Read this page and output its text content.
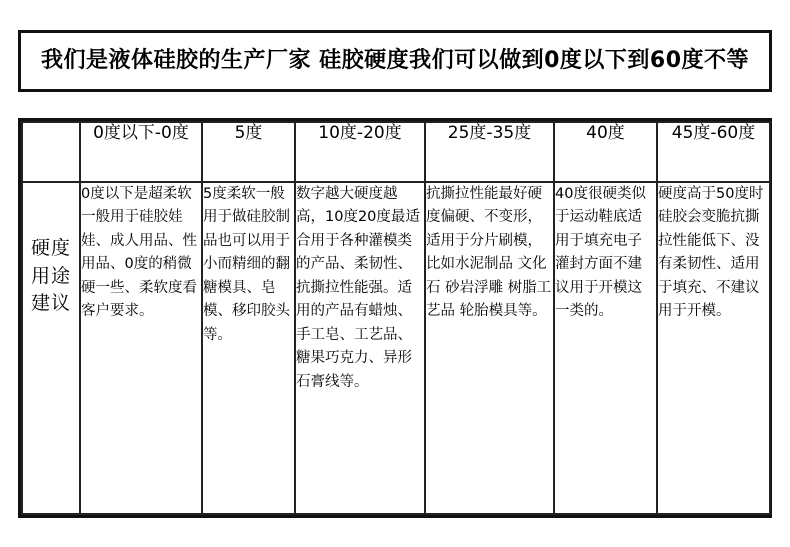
我们是液体硅胶的生产厂家 硅胶硬度我们可以做到0度以下到60度不等
	0度以下-0度	5度	10度-20度	25度-35度	40度	45度-60度

硬度用途建议	0度以下是超柔软一般用于硅胶娃娃、成人用品、性用品、0度的稍微硬一些、柔软度看客户要求。	5度柔软一般用于做硅胶制品也可以用于小而精细的翻糖模具、皂模、移印胶头等。	数字越大硬度越高，10度20度最适合用于各种灌模类的产品、柔韧性、抗撕拉性能强。适用的产品有蜡烛、手工皂、工艺品、糖果巧克力、异形石膏线等。	抗撕拉性能最好硬度偏硬、不变形，适用于分片刷模，比如水泥制品 文化石 砂岩浮雕 树脂工艺品 轮胎模具等。	40度很硬类似于运动鞋底适用于填充电子灌封方面不建议用于开模这一类的。	硬度高于50度时硅胶会变脆抗撕拉性能低下、没有柔韧性、适用于填充、不建议用于开模。
